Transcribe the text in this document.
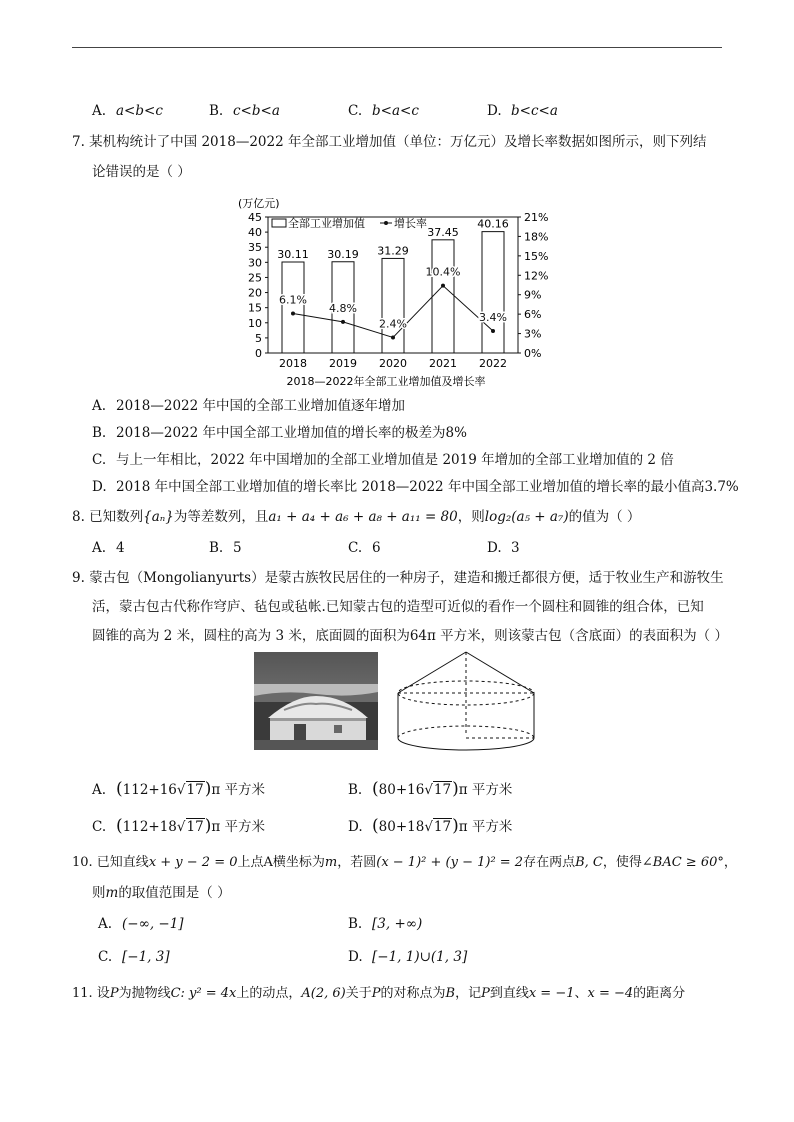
A. a<b<c	B. c<b<a	C. b<a<c	D. b<c<a
7. 某机构统计了中国 2018—2022 年全部工业增加值（单位：万亿元）及增长率数据如图所示，则下列结
论错误的是（ ）
(万亿元)
2018—2022年全部工业增加值及增长率
45
40
35
30
25
20
15
10
5
0
21%
18%
15%
12%
9%
6%
3%
0%
30.11
2018
30.19
2019
31.29
2020
37.45
2021
40.16
2022
6.1%
4.8%
2.4%
10.4%
3.4%
全部工业增加值	增长率
A. 2018—2022 年中国的全部工业增加值逐年增加
B. 2018—2022 年中国全部工业增加值的增长率的极差为8%
C. 与上一年相比，2022 年中国增加的全部工业增加值是 2019 年增加的全部工业增加值的 2 倍
D. 2018 年中国全部工业增加值的增长率比 2018—2022 年中国全部工业增加值的增长率的最小值高3.7%
8. 已知数列{aₙ}为等差数列，且a₁ + a₄ + a₆ + a₈ + a₁₁ = 80，则log₂(a₅ + a₇)的值为（ ）
A. 4	B. 5	C. 6	D. 3
9. 蒙古包（Mongolianyurts）是蒙古族牧民居住的一种房子，建造和搬迁都很方便，适于牧业生产和游牧生
活，蒙古包古代称作穹庐、毡包或毡帐.已知蒙古包的造型可近似的看作一个圆柱和圆锥的组合体，已知
圆锥的高为 2 米，圆柱的高为 3 米，底面圆的面积为64π 平方米，则该蒙古包（含底面）的表面积为（ ）
A. (112+16√17)π 平方米	B. (80+16√17)π 平方米
C. (112+18√17)π 平方米	D. (80+18√17)π 平方米
10. 已知直线x + y − 2 = 0上点A横坐标为m，若圆(x − 1)² + (y − 1)² = 2存在两点B, C，使得∠BAC ≥ 60°，
则m的取值范围是（ ）
A. (−∞, −1]	B. [3, +∞)
C. [−1, 3]	D. [−1, 1)∪(1, 3]
11. 设P为抛物线C: y² = 4x上的动点，A(2, 6)关于P的对称点为B，记P到直线x = −1、x = −4的距离分
